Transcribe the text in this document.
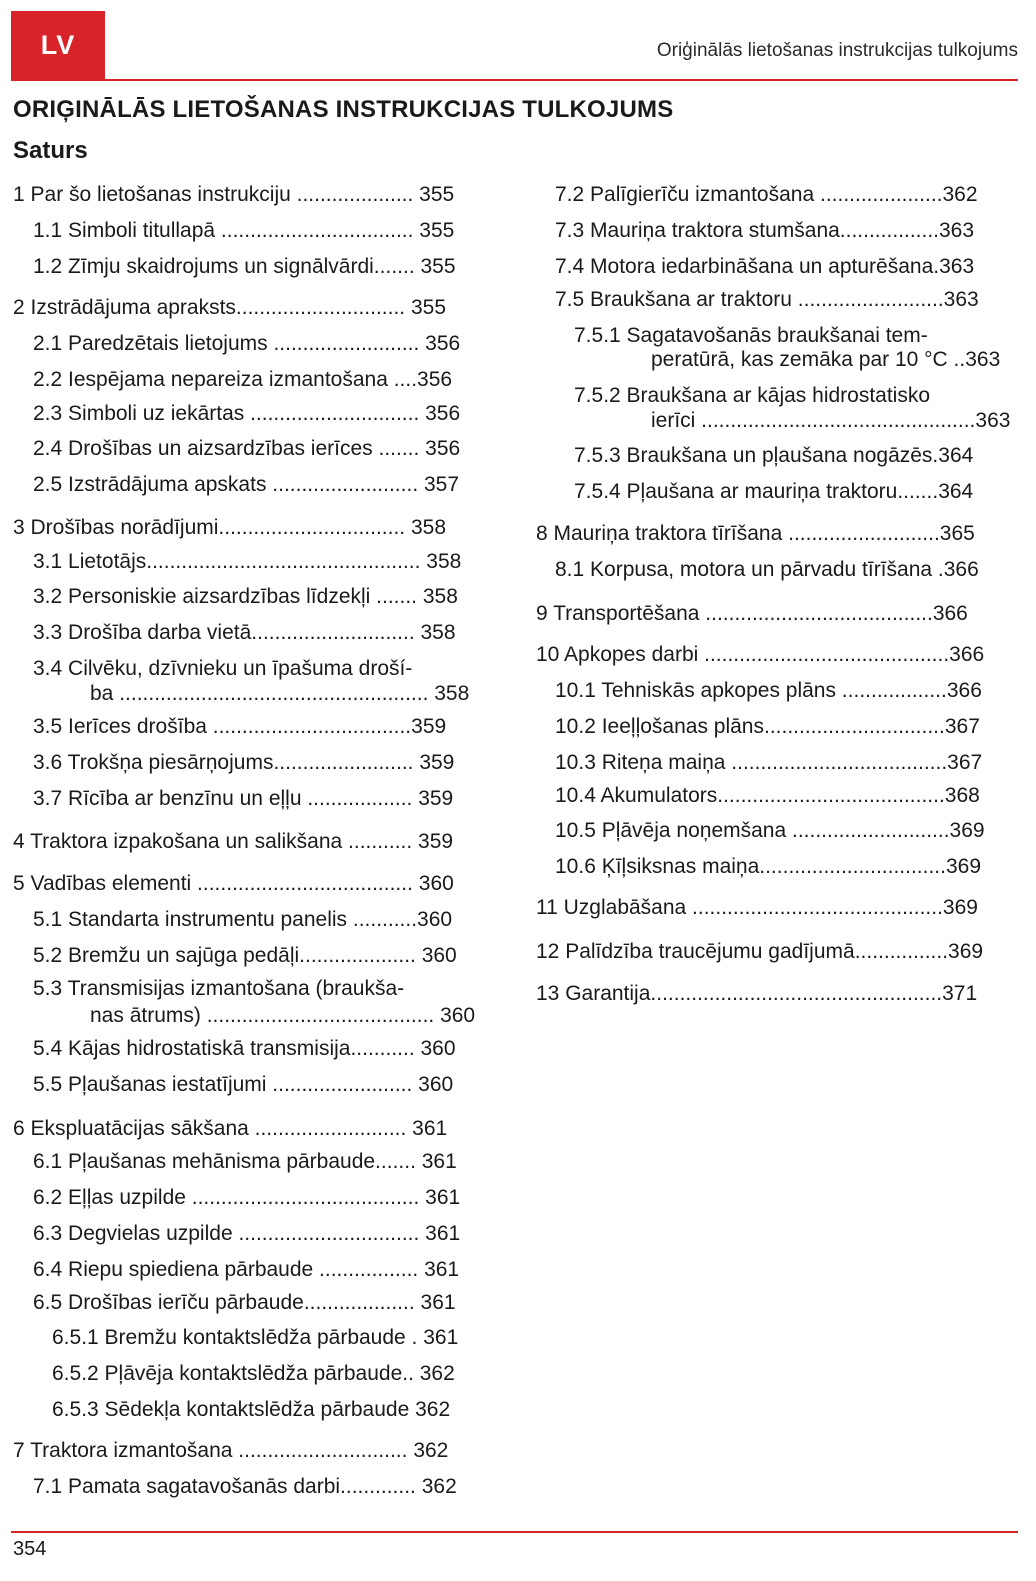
LV	Oriģinālās lietošanas instrukcijas tulkojums
ORIĢINĀLĀS LIETOŠANAS INSTRUKCIJAS TULKOJUMS
Saturs
1 Par šo lietošanas instrukciju .................... 355
1.1 Simboli titullapā ................................. 355
1.2 Zīmju skaidrojums un signālvārdi....... 355
2 Izstrādājuma apraksts............................. 355
2.1 Paredzētais lietojums ......................... 356
2.2 Iespējama nepareiza izmantošana ....356
2.3 Simboli uz iekārtas ............................. 356
2.4 Drošības un aizsardzības ierīces ....... 356
2.5 Izstrādājuma apskats ......................... 357
3 Drošības norādījumi................................ 358
3.1 Lietotājs............................................... 358
3.2 Personiskie aizsardzības līdzekļi ....... 358
3.3 Drošība darba vietā............................ 358
3.4 Cilvēku, dzīvnieku un īpašuma droší-
ba ..................................................... 358
3.5 Ierīces drošība ..................................359
3.6 Trokšņa piesārņojums........................ 359
3.7 Rīcība ar benzīnu un eļļu .................. 359
4 Traktora izpakošana un salikšana ........... 359
5 Vadības elementi ..................................... 360
5.1 Standarta instrumentu panelis ...........360
5.2 Bremžu un sajūga pedāļi.................... 360
5.3 Transmisijas izmantošana (braukša-
nas ātrums) ....................................... 360
5.4 Kājas hidrostatiskā transmisija........... 360
5.5 Pļaušanas iestatījumi ........................ 360
6 Ekspluatācijas sākšana .......................... 361
6.1 Pļaušanas mehānisma pārbaude....... 361
6.2 Eļļas uzpilde ....................................... 361
6.3 Degvielas uzpilde ............................... 361
6.4 Riepu spiediena pārbaude ................. 361
6.5 Drošības ierīču pārbaude................... 361
6.5.1 Bremžu kontaktslēdža pārbaude . 361
6.5.2 Pļāvēja kontaktslēdža pārbaude.. 362
6.5.3 Sēdekļa kontaktslēdža pārbaude 362
7 Traktora izmantošana ............................. 362
7.1 Pamata sagatavošanās darbi............. 362
7.2 Palīgierīču izmantošana .....................362
7.3 Mauriņa traktora stumšana.................363
7.4 Motora iedarbināšana un apturēšana.363
7.5 Braukšana ar traktoru .........................363
7.5.1 Sagatavošanās braukšanai tem-
peratūrā, kas zemāka par 10 °C ..363
7.5.2 Braukšana ar kājas hidrostatisko
ierīci ...............................................363
7.5.3 Braukšana un pļaušana nogāzēs.364
7.5.4 Pļaušana ar mauriņa traktoru.......364
8 Mauriņa traktora tīrīšana ..........................365
8.1 Korpusa, motora un pārvadu tīrīšana .366
9 Transportēšana .......................................366
10 Apkopes darbi ..........................................366
10.1 Tehniskās apkopes plāns ..................366
10.2 Ieeļļošanas plāns...............................367
10.3 Riteņa maiņa .....................................367
10.4 Akumulators.......................................368
10.5 Pļāvēja noņemšana ...........................369
10.6 Ķīļsiksnas maiņa................................369
11 Uzglabāšana ...........................................369
12 Palīdzība traucējumu gadījumā................369
13 Garantija..................................................371
354
